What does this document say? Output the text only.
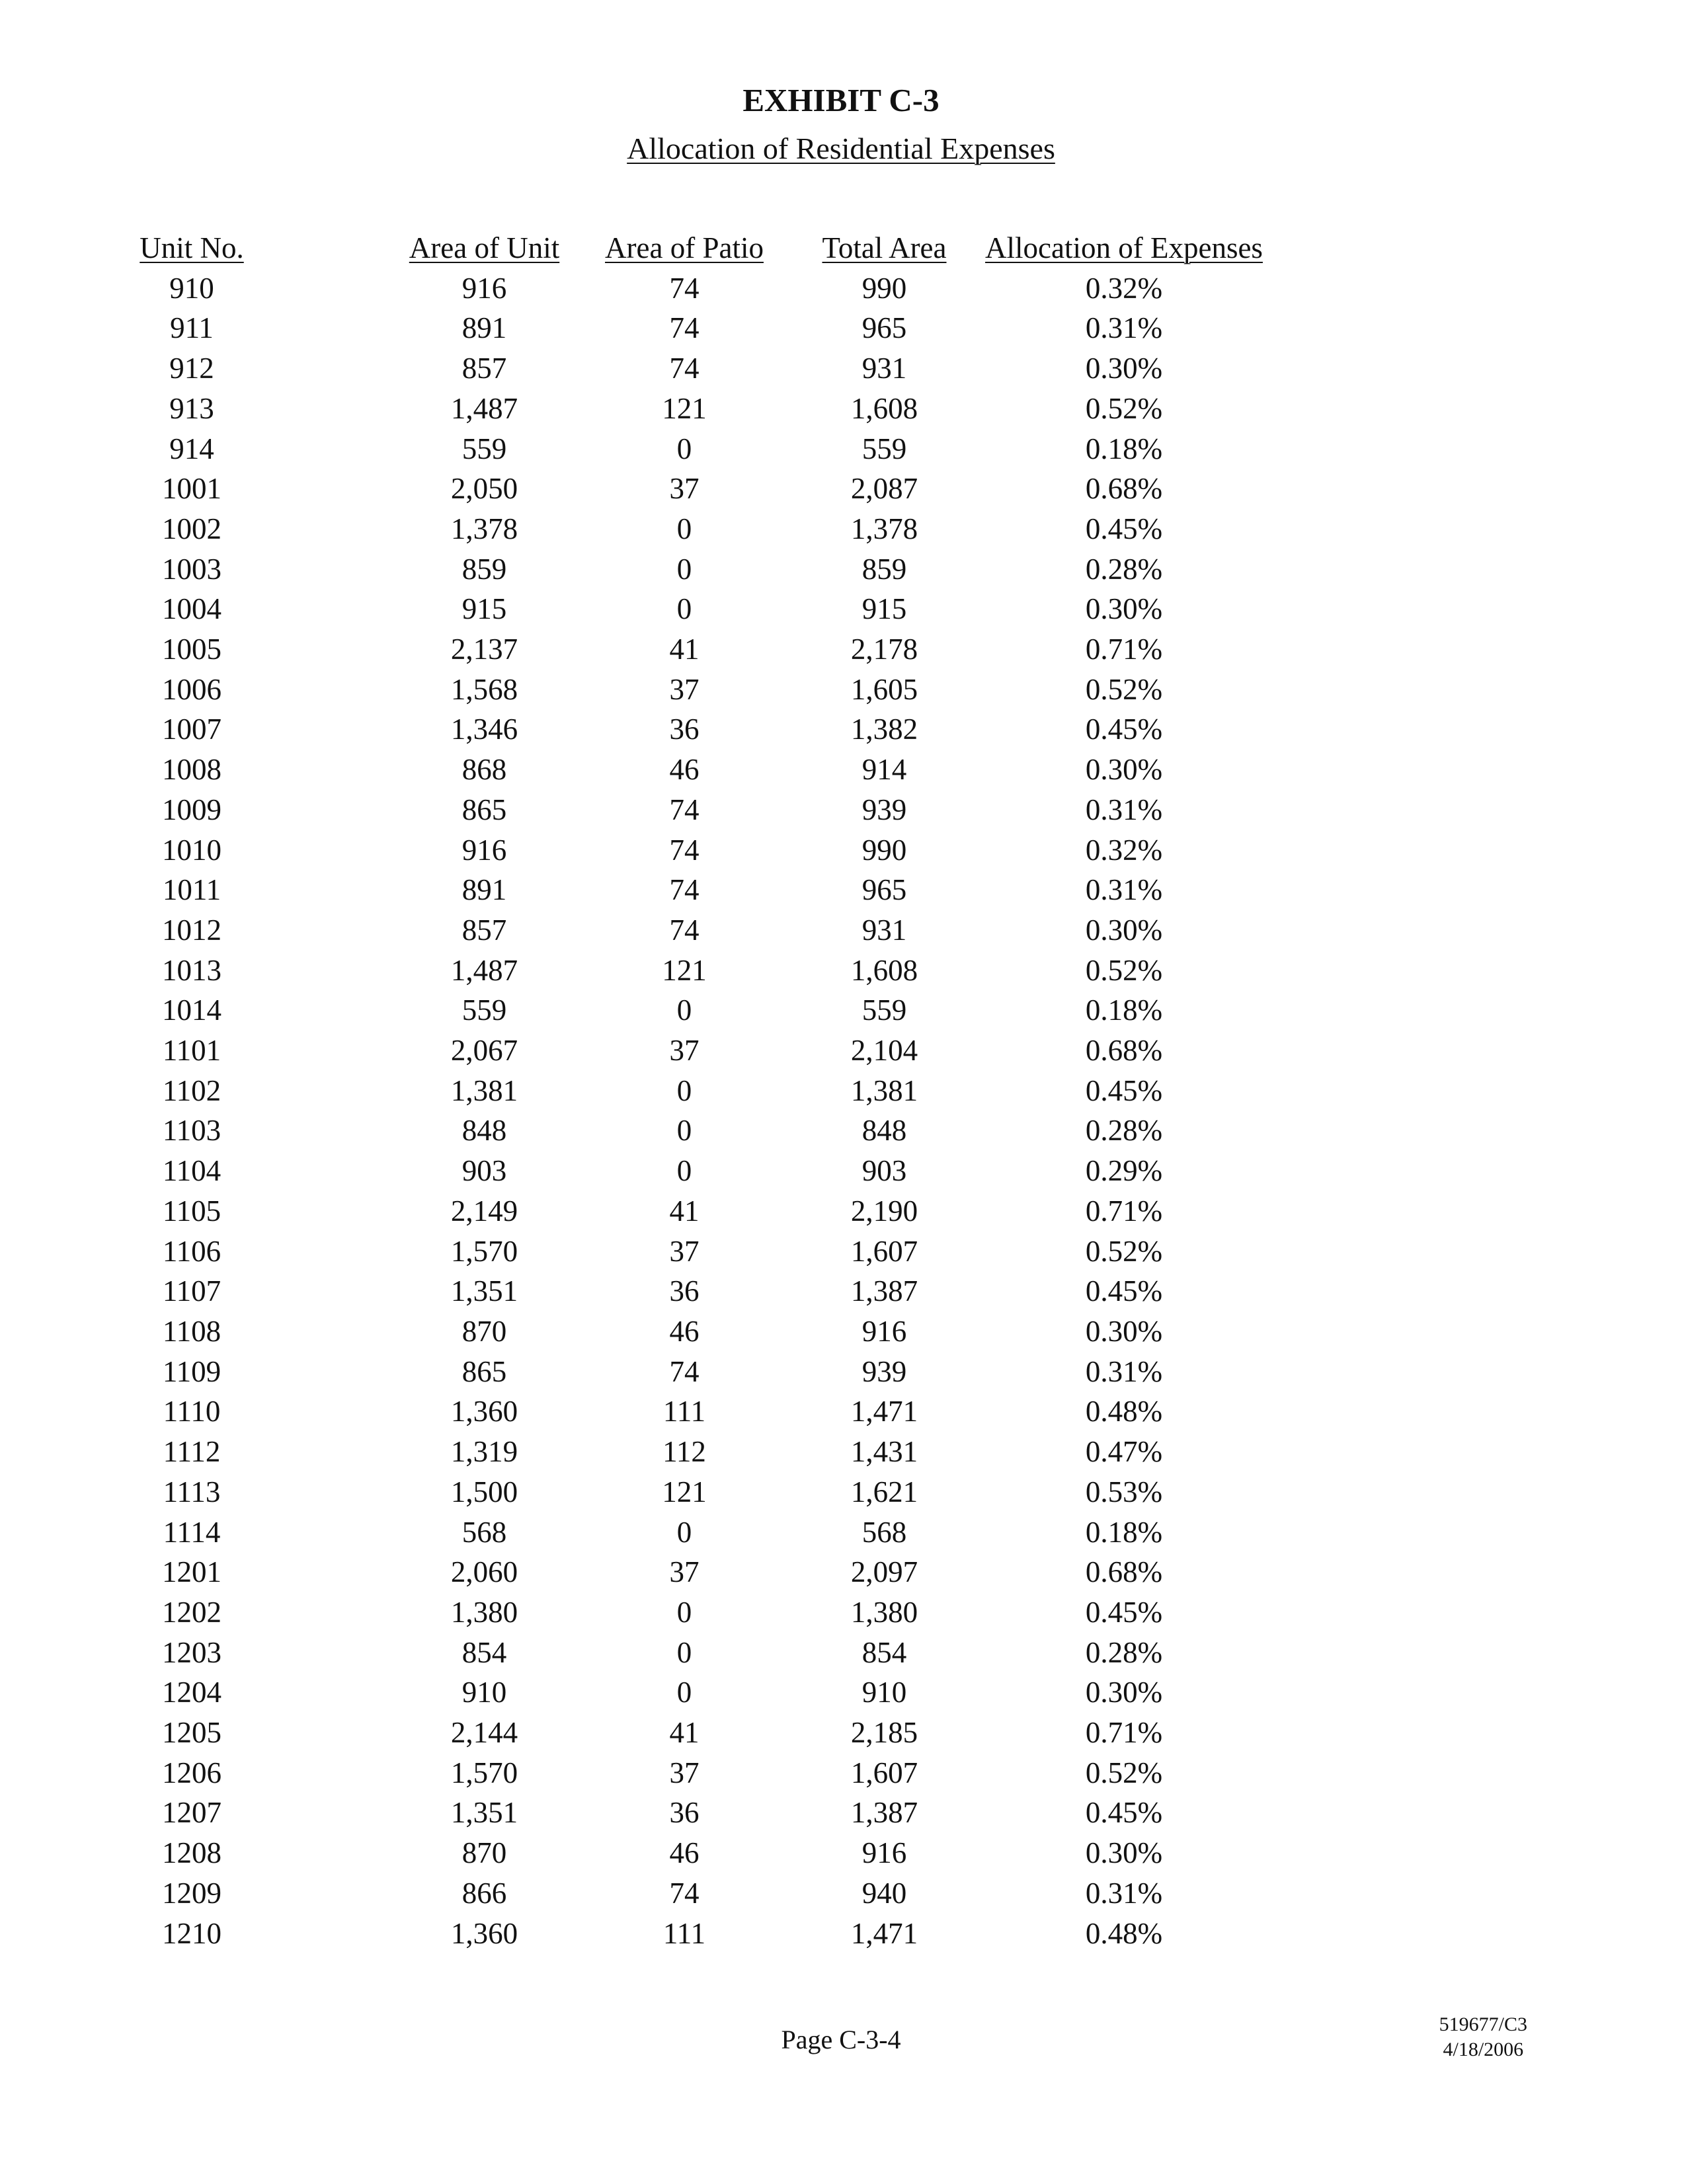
EXHIBIT C-3
Allocation of Residential Expenses
Unit No.	Area of Unit	Area of Patio	Total Area	Allocation of Expenses
910	916	74	990	0.32%
911	891	74	965	0.31%
912	857	74	931	0.30%
913	1,487	121	1,608	0.52%
914	559	0	559	0.18%
1001	2,050	37	2,087	0.68%
1002	1,378	0	1,378	0.45%
1003	859	0	859	0.28%
1004	915	0	915	0.30%
1005	2,137	41	2,178	0.71%
1006	1,568	37	1,605	0.52%
1007	1,346	36	1,382	0.45%
1008	868	46	914	0.30%
1009	865	74	939	0.31%
1010	916	74	990	0.32%
1011	891	74	965	0.31%
1012	857	74	931	0.30%
1013	1,487	121	1,608	0.52%
1014	559	0	559	0.18%
1101	2,067	37	2,104	0.68%
1102	1,381	0	1,381	0.45%
1103	848	0	848	0.28%
1104	903	0	903	0.29%
1105	2,149	41	2,190	0.71%
1106	1,570	37	1,607	0.52%
1107	1,351	36	1,387	0.45%
1108	870	46	916	0.30%
1109	865	74	939	0.31%
1110	1,360	111	1,471	0.48%
1112	1,319	112	1,431	0.47%
1113	1,500	121	1,621	0.53%
1114	568	0	568	0.18%
1201	2,060	37	2,097	0.68%
1202	1,380	0	1,380	0.45%
1203	854	0	854	0.28%
1204	910	0	910	0.30%
1205	2,144	41	2,185	0.71%
1206	1,570	37	1,607	0.52%
1207	1,351	36	1,387	0.45%
1208	870	46	916	0.30%
1209	866	74	940	0.31%
1210	1,360	111	1,471	0.48%
Page C-3-4
519677/C3
4/18/2006
